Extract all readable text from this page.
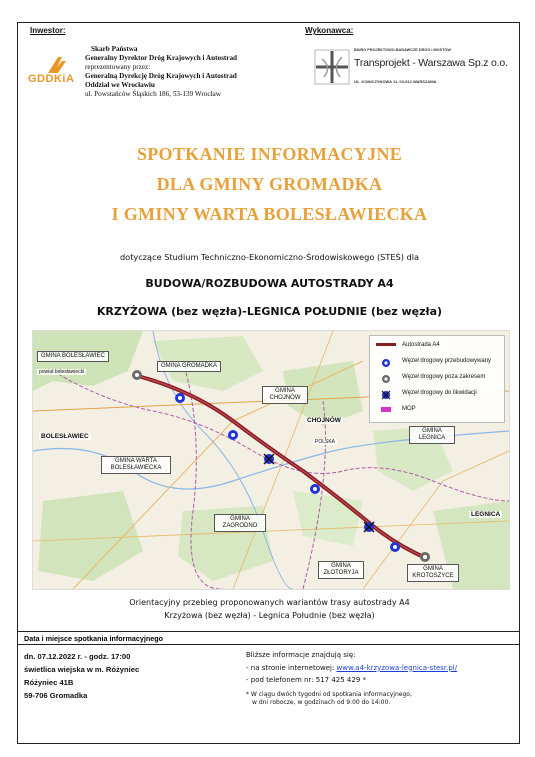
Inwestor:	Wykonawca:
GDDKiA
Skarb Państwa
Generalny Dyrektor Dróg Krajowych i Autostrad
reprezentowany przez:
Generalną Dyrekcję Dróg Krajowych i Autostrad
Oddział we Wrocławiu
ul. Powstańców Śląskich 186, 53-139 Wrocław
BIURO PROJEKTOWO-BADAWCZE DRÓG I MOSTÓW
Transprojekt - Warszawa Sp.z o.o.
UL. KONICZYNOWA 11, 03-612 WARSZAWA
SPOTKANIE INFORMACYJNE
DLA GMINY GROMADKA
I GMINY WARTA BOLESŁAWIECKA
dotyczące Studium Techniczno-Ekonomiczno-Środowiskowego (STEŚ) dla
BUDOWA/ROZBUDOWA AUTOSTRADY A4
KRZYŻOWA (bez węzła)-LEGNICA POŁUDNIE (bez węzła)
GMINA BOLESŁAWIEC
powiat bolesławiecki
GMINA GROMADKA
GMINA CHOJNÓW
BOLESŁAWIEC
CHOJNÓW
GMINA WARTA BOLESŁAWIECKA
POLSKA
GMINA LEGNICA
LEGNICA
GMINA ZAGRODNO
GMINA ZŁOTORYJA
GMINA KROTOSZYCE
Autostrada A4
Węzeł drogowy przebudowywany
Węzeł drogowy poza zakresem
Węzeł drogowy do likwidacji
MOP
Orientacyjny przebieg proponowanych wariantów trasy autostrady A4
Krzyżowa (bez węzła) - Legnica Południe (bez węzła)
Data i miejsce spotkania informacyjnego
dn. 07.12.2022 r. - godz. 17:00
świetlica wiejska w m. Różyniec
Różyniec 41B
59-706 Gromadka
Bliższe informacje znajdują się:
- na stronie internetowej: www.a4-krzyzowa-legnica-stesr.pl/
- pod telefonem nr: 517 425 429 *
* W ciągu dwóch tygodni od spotkania informacyjnego,
w dni robocze, w godzinach od 9:00 do 14:00.
